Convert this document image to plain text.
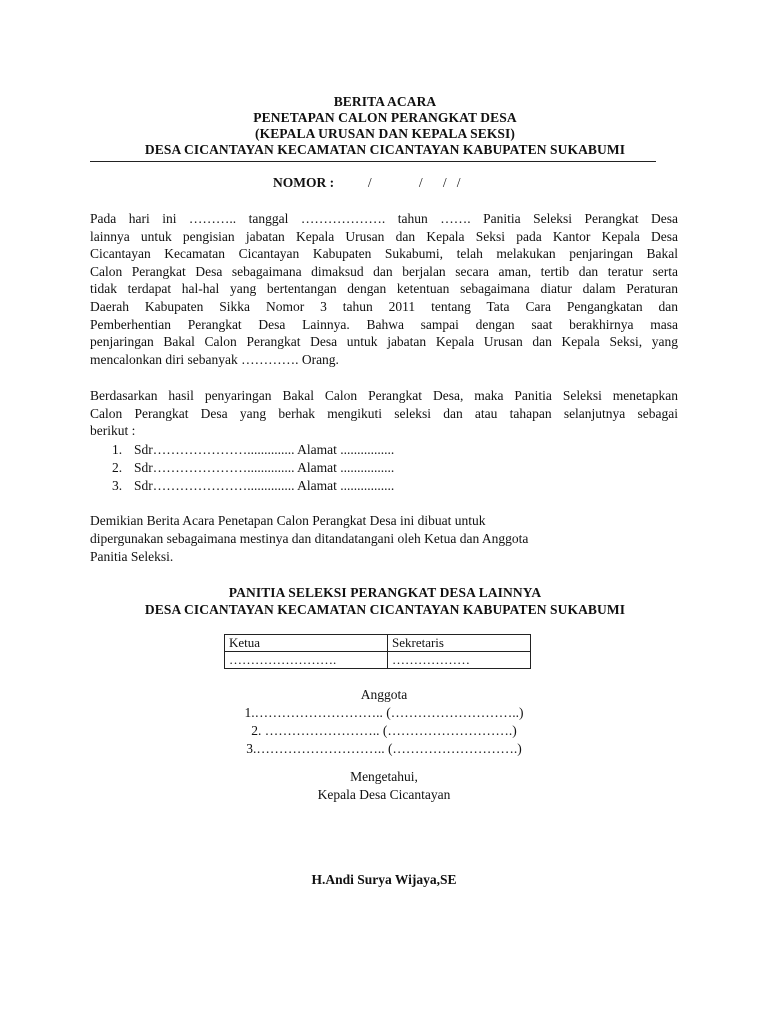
BERITA ACARA
PENETAPAN CALON PERANGKAT DESA
(KEPALA URUSAN DAN KEPALA SEKSI)
DESA CICANTAYAN KECAMATAN CICANTAYAN KABUPATEN SUKABUMI
NOMOR :          /              /      /   /
Pada hari ini ……….. tanggal ………………. tahun ……. Panitia Seleksi Perangkat Desa
lainnya untuk pengisian jabatan Kepala Urusan dan Kepala Seksi pada Kantor Kepala Desa
Cicantayan Kecamatan Cicantayan Kabupaten Sukabumi, telah melakukan penjaringan Bakal
Calon Perangkat Desa sebagaimana dimaksud dan berjalan secara aman, tertib dan teratur serta
tidak terdapat hal-hal yang bertentangan dengan ketentuan sebagaimana diatur dalam Peraturan
Daerah Kabupaten Sikka Nomor 3 tahun 2011 tentang Tata Cara Pengangkatan dan
Pemberhentian Perangkat Desa Lainnya. Bahwa sampai dengan saat berakhirnya masa
penjaringan Bakal Calon Perangkat Desa untuk jabatan Kepala Urusan dan Kepala Seksi, yang
mencalonkan diri sebanyak …………. Orang.
Berdasarkan hasil penyaringan Bakal Calon Perangkat Desa, maka Panitia Seleksi menetapkan
Calon Perangkat Desa yang berhak mengikuti seleksi dan atau tahapan selanjutnya sebagai
berikut :
1. Sdr………………….............. Alamat ................
2. Sdr………………….............. Alamat ................
3. Sdr………………….............. Alamat ................
Demikian Berita Acara Penetapan Calon Perangkat Desa ini dibuat untuk
dipergunakan sebagaimana mestinya dan ditandatangani oleh Ketua dan Anggota
Panitia Seleksi.
PANITIA SELEKSI PERANGKAT DESA LAINNYA
DESA CICANTAYAN KECAMATAN CICANTAYAN KABUPATEN SUKABUMI
Ketua	Sekretaris
…………………….	………………
Anggota
1.……………………….. (………………………..)
2. …………………….. (……………………….)
3.……………………….. (……………………….)
Mengetahui,
Kepala Desa Cicantayan
H.Andi Surya Wijaya,SE
